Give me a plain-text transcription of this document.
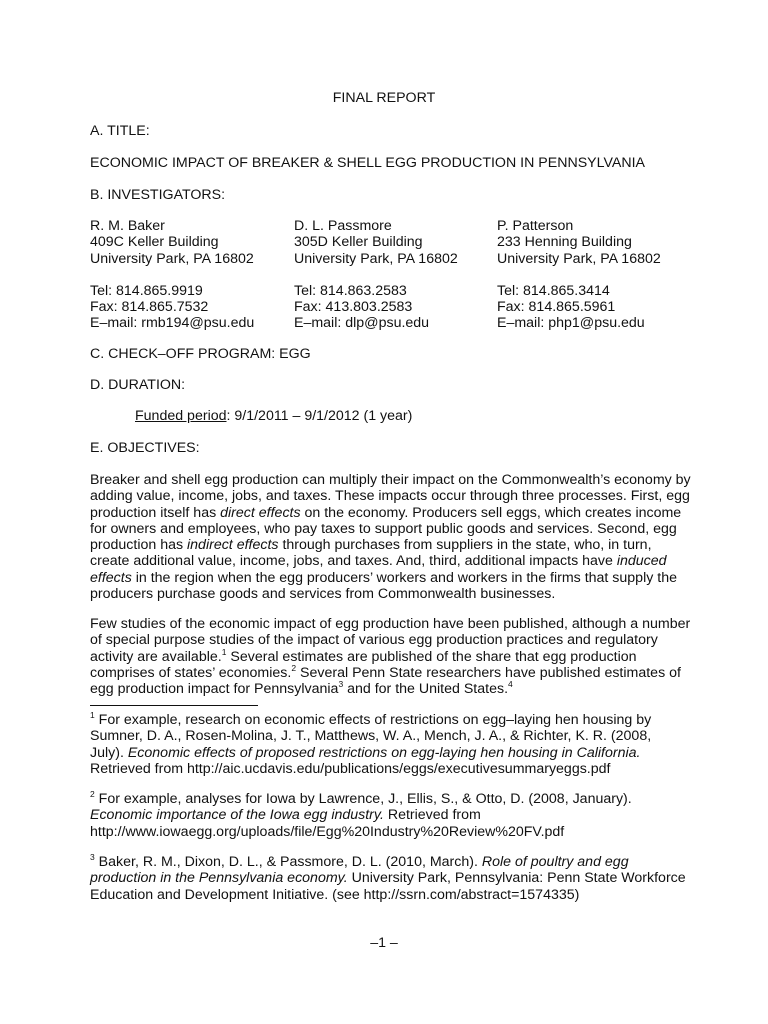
FINAL REPORT
A. TITLE:
ECONOMIC IMPACT OF BREAKER & SHELL EGG PRODUCTION IN PENNSYLVANIA
B. INVESTIGATORS:
R. M. Baker
409C Keller Building
University Park, PA 16802
Tel: 814.865.9919
Fax: 814.865.7532
E–mail: rmb194@psu.edu
D. L. Passmore
305D Keller Building
University Park, PA 16802
Tel: 814.863.2583
Fax: 413.803.2583
E–mail: dlp@psu.edu
P. Patterson
233 Henning Building
University Park, PA 16802
Tel: 814.865.3414
Fax: 814.865.5961
E–mail: php1@psu.edu
C. CHECK–OFF PROGRAM: EGG
D. DURATION:
Funded period: 9/1/2011 – 9/1/2012 (1 year)
E. OBJECTIVES:
Breaker and shell egg production can multiply their impact on the Commonwealth’s economy by
adding value, income, jobs, and taxes. These impacts occur through three processes. First, egg
production itself has direct effects on the economy. Producers sell eggs, which creates income
for owners and employees, who pay taxes to support public goods and services. Second, egg
production has indirect effects through purchases from suppliers in the state, who, in turn,
create additional value, income, jobs, and taxes. And, third, additional impacts have induced
effects in the region when the egg producers’ workers and workers in the firms that supply the
producers purchase goods and services from Commonwealth businesses.
Few studies of the economic impact of egg production have been published, although a number
of special purpose studies of the impact of various egg production practices and regulatory
activity are available.$^1$ Several estimates are published of the share that egg production
comprises of states’ economies.$^2$ Several Penn State researchers have published estimates of
egg production impact for Pennsylvania$^3$ and for the United States.$^4$
$^1$ For example, research on economic effects of restrictions on egg–laying hen housing by
Sumner, D. A., Rosen-Molina, J. T., Matthews, W. A., Mench, J. A., & Richter, K. R. (2008,
July). Economic effects of proposed restrictions on egg-laying hen housing in California.
Retrieved from http://aic.ucdavis.edu/publications/eggs/executivesummaryeggs.pdf
$^2$ For example, analyses for Iowa by Lawrence, J., Ellis, S., & Otto, D. (2008, January).
Economic importance of the Iowa egg industry. Retrieved from
http://www.iowaegg.org/uploads/file/Egg%20Industry%20Review%20FV.pdf
$^3$ Baker, R. M., Dixon, D. L., & Passmore, D. L. (2010, March). Role of poultry and egg
production in the Pennsylvania economy. University Park, Pennsylvania: Penn State Workforce
Education and Development Initiative. (see http://ssrn.com/abstract=1574335)
–1 –
